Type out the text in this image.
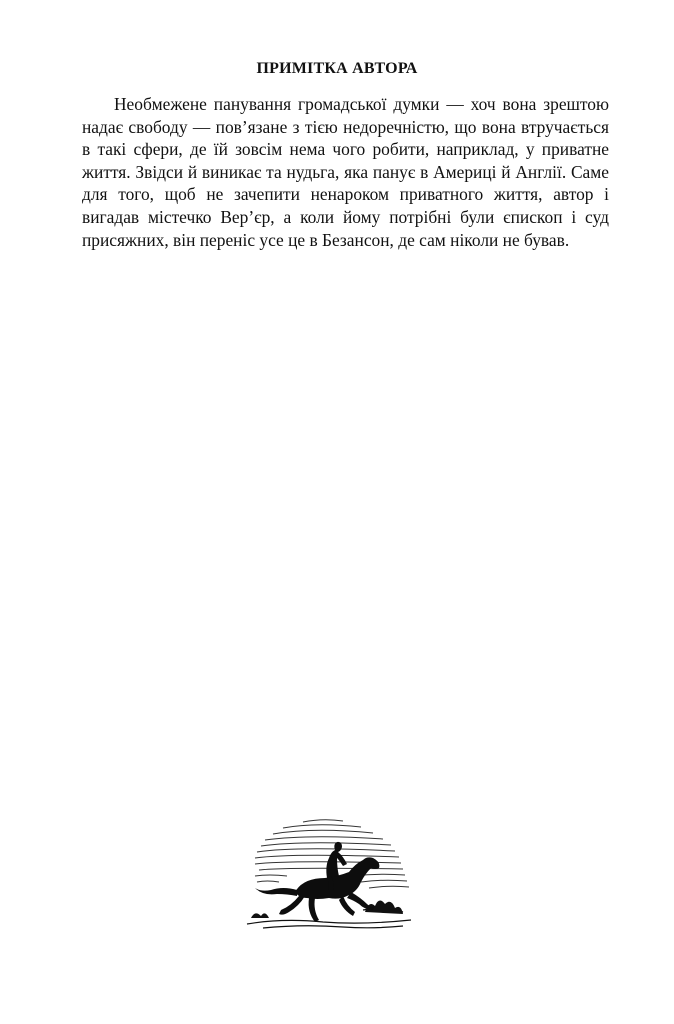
ПРИМІТКА АВТОРА

Необмежене панування громадської думки — хоч вона зрештою надає свободу — пов’язане з тією недоречністю, що вона втручається в такі сфери, де їй зовсім нема чого робити, наприклад, у приватне життя. Звідси й виникає та нудьга, яка панує в Америці й Англії. Саме для того, щоб не зачепити ненароком приватного життя, автор і вигадав містечко Вер’єр, а коли йому потрібні були єпископ і суд присяжних, він переніс усе це в Безансон, де сам ніколи не бував.
